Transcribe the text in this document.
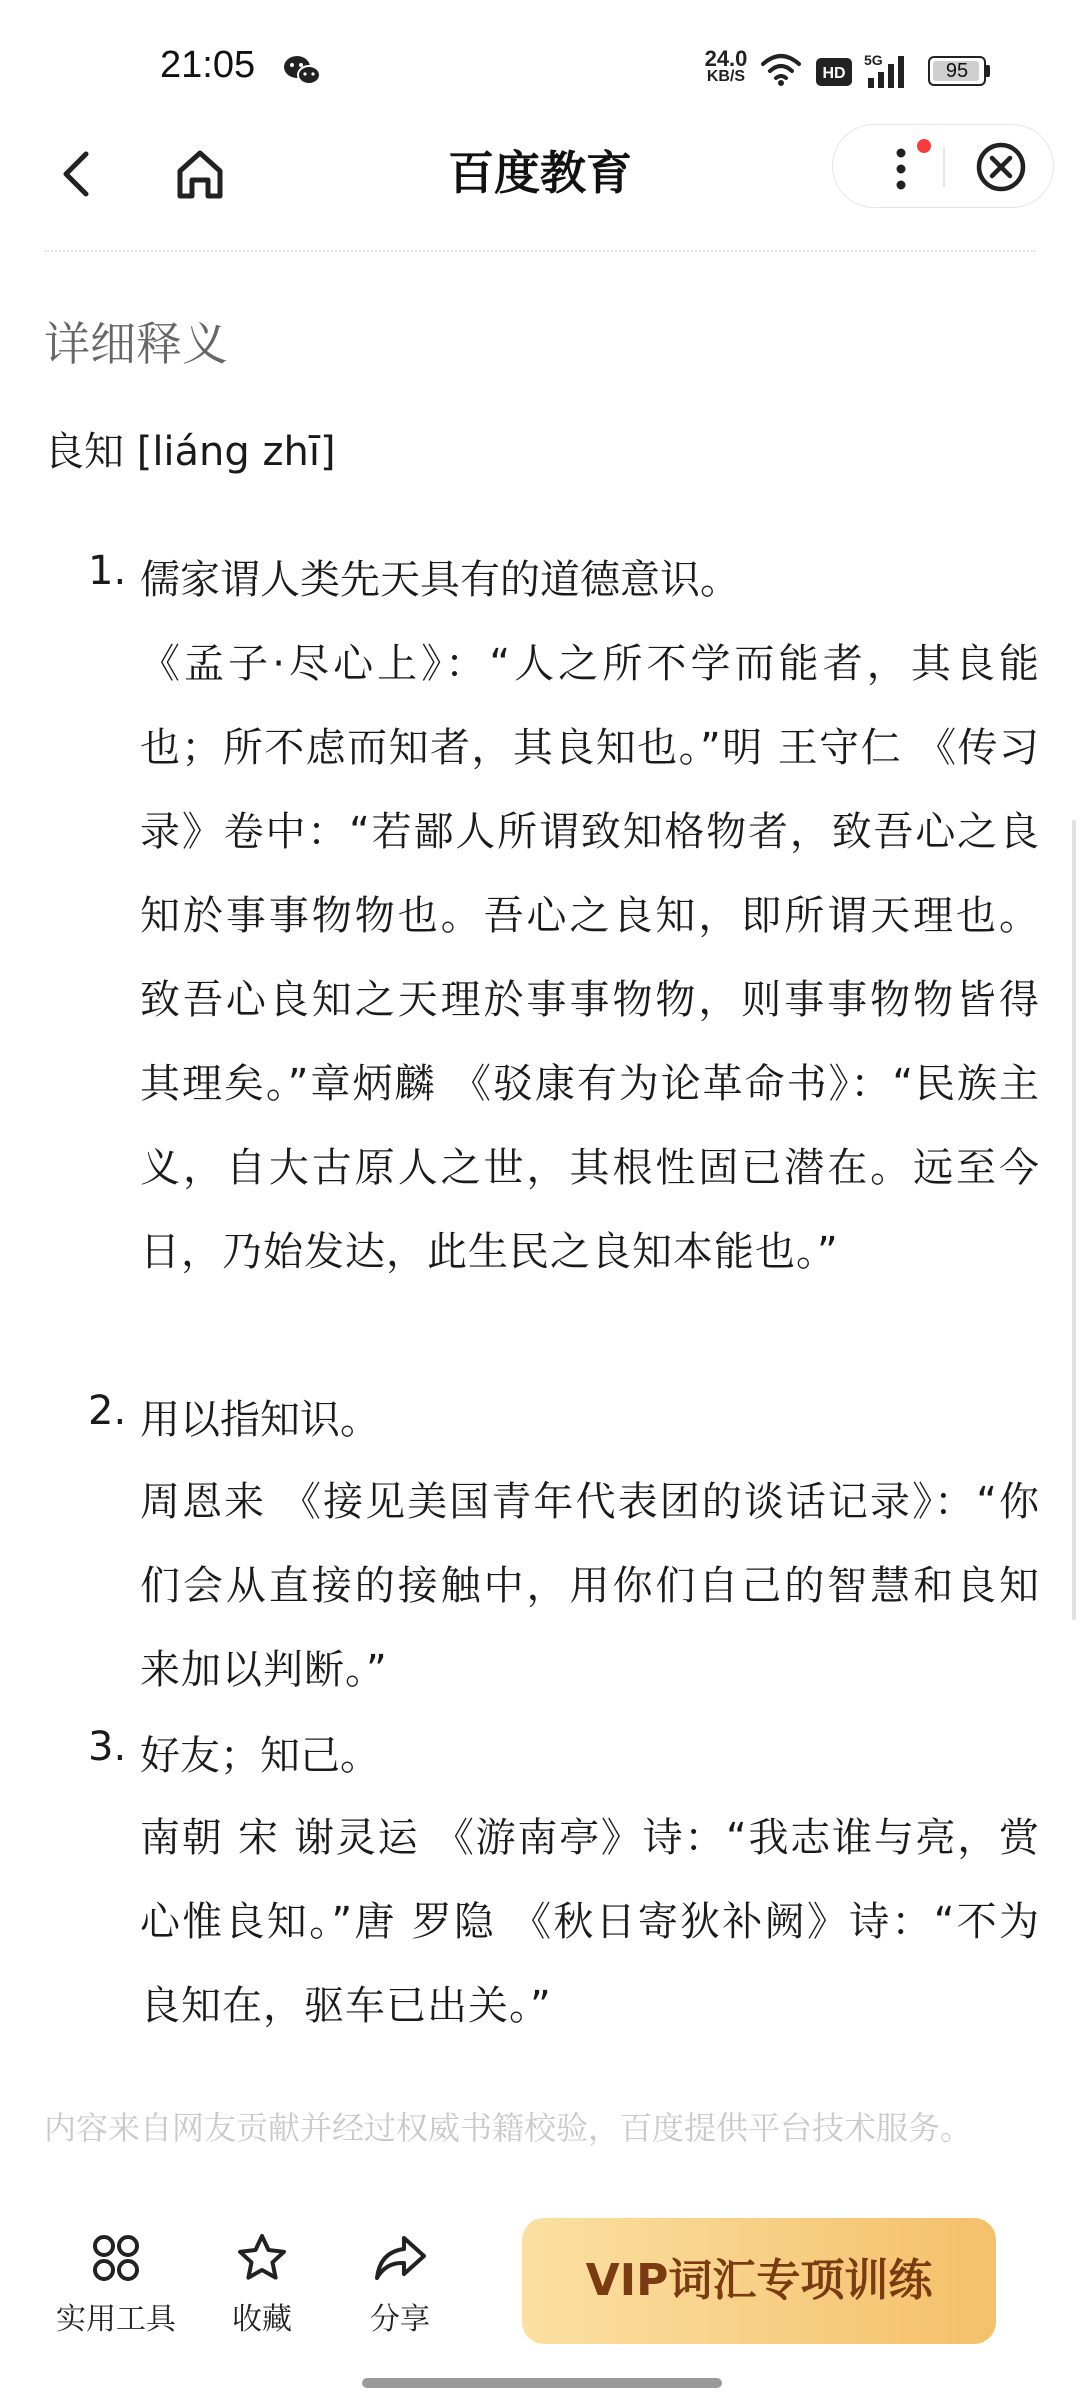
21:05	24.0
KB/S	HD
5G	95
百度教育
详细释义
良知 [liáng zhī]
1. 儒家谓人类先天具有的道德意识。
《孟子·尽心上》：“人之所不学而能者，其良能也；所不虑而知者，其良知也。”明 王守仁 《传习录》卷中：“若鄙人所谓致知格物者，致吾心之良知於事事物物也。吾心之良知，即所谓天理也。致吾心良知之天理於事事物物，则事事物物皆得其理矣。”章炳麟 《驳康有为论革命书》：“民族主义，自大古原人之世，其根性固已潜在。远至今日，乃始发达，此生民之良知本能也。”
2. 用以指知识。
周恩来 《接见美国青年代表团的谈话记录》：“你们会从直接的接触中，用你们自己的智慧和良知来加以判断。”
3. 好友；知己。
南朝 宋 谢灵运 《游南亭》诗：“我志谁与亮，赏心惟良知。”唐 罗隐 《秋日寄狄补阙》诗：“不为良知在，驱车已出关。”
内容来自网友贡献并经过权威书籍校验，百度提供平台技术服务。
实用工具	收藏	分享
VIP词汇专项训练
